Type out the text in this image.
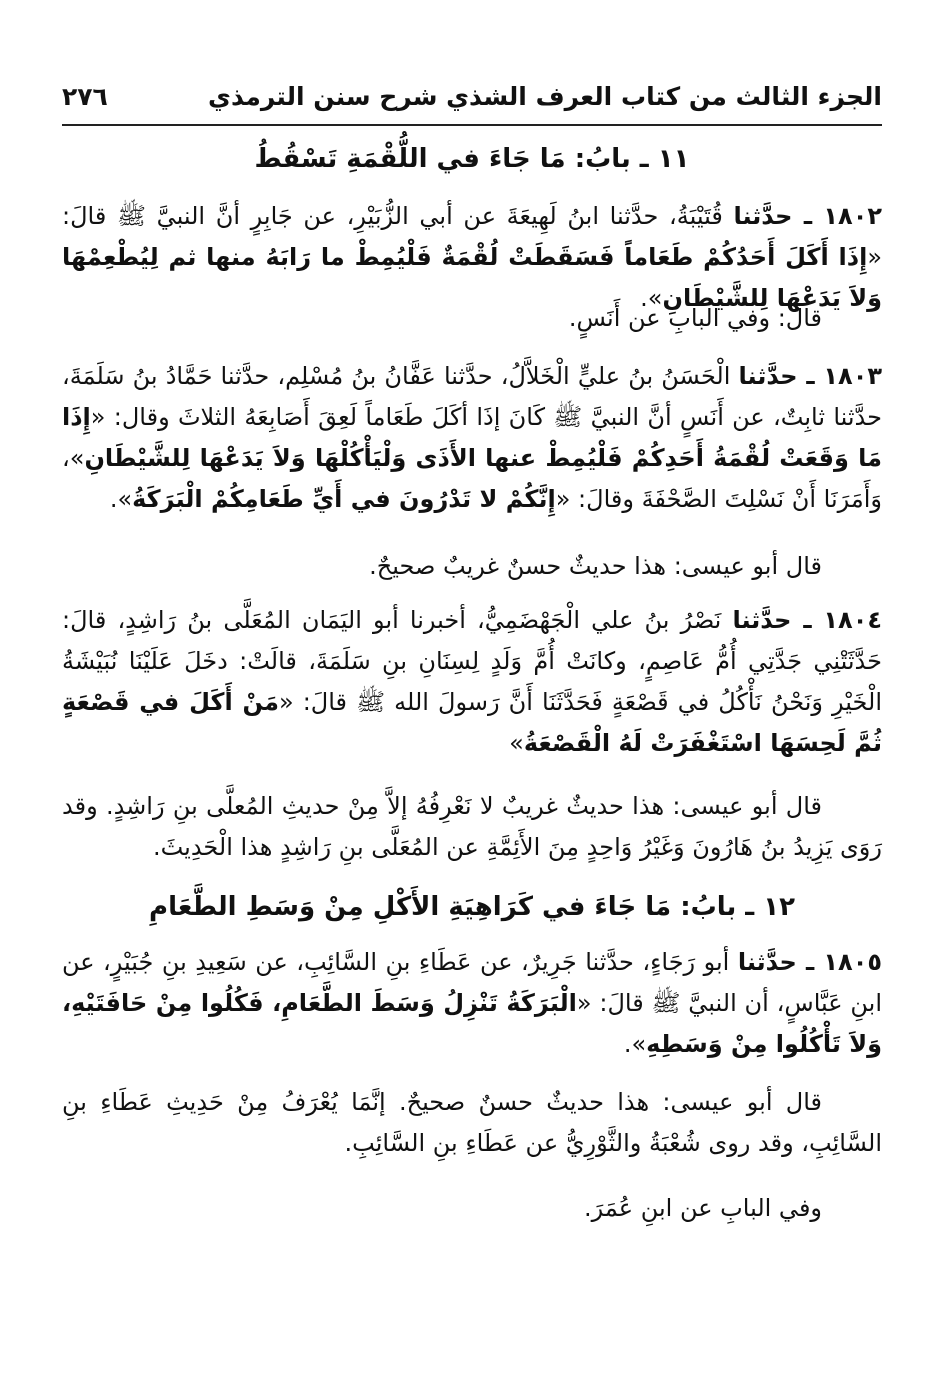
الجزء الثالث من كتاب العرف الشذي شرح سنن الترمذي
٢٧٦
١١ ـ بابُ: مَا جَاءَ في اللُّقْمَةِ تَسْقُطُ
١٨٠٢ ـ حدَّثنا قُتَيْبَةُ، حدَّثنا ابنُ لَهِيعَةَ عن أبي الزُّبَيْرِ، عن جَابِرٍ أنَّ النبيَّ ﷺ قالَ: «إِذَا أَكَلَ أَحَدُكُمْ طَعَاماً فَسَقَطَتْ لُقْمَةٌ فَلْيُمِطْ ما رَابَهُ منها ثم لِيُطْعِمْهَا وَلاَ يَدَعْهَا لِلشَّيْطَانِ».
قال: وفي البابِ عن أَنَسٍ.
١٨٠٣ ـ حدَّثنا الْحَسَنُ بنُ عليٍّ الْخَلاَّلُ، حدَّثنا عَفَّانُ بنُ مُسْلِم، حدَّثنا حَمَّادُ بنُ سَلَمَةَ، حدَّثنا ثابِتٌ، عن أَنَسٍ أنَّ النبيَّ ﷺ كَانَ إذَا أكَلَ طَعَاماً لَعِقَ أَصَابِعَهُ الثلاثَ وقال: «إِذَا مَا وَقَعَتْ لُقْمَةُ أَحَدِكُمْ فَلْيُمِطْ عنها الأَذَى وَلْيَأْكُلْهَا وَلاَ يَدَعْهَا لِلشَّيْطَانِ»، وَأَمَرَنَا أَنْ نَسْلِتَ الصَّحْفَةَ وقالَ: «إِنَّكُمْ لا تَدْرُونَ في أَيِّ طَعَامِكُمْ الْبَرَكَةُ».
قال أبو عيسى: هذا حديثٌ حسنٌ غريبٌ صحيحٌ.
١٨٠٤ ـ حدَّثنا نَصْرُ بنُ علي الْجَهْضَمِيُّ، أخبرنا أبو اليَمَان المُعَلَّى بنُ رَاشِدٍ، قالَ: حَدَّثَتْنِي جَدَّتِي أُمُّ عَاصِمٍ، وكانَتْ أُمَّ وَلَدٍ لِسِنَانِ بنِ سَلَمَةَ، قالَتْ: دخَلَ عَلَيْنَا نُبَيْشَةُ الْخَيْرِ وَنَحْنُ نَأْكُلُ في قَصْعَةٍ فَحَدَّثَنَا أَنَّ رَسولَ الله ﷺ قالَ: «مَنْ أَكَلَ في قَصْعَةٍ ثُمَّ لَحِسَهَا اسْتَغْفَرَتْ لَهُ الْقَصْعَةُ»
قال أبو عيسى: هذا حديثٌ غريبٌ لا نَعْرِفُهُ إلاَّ مِنْ حديثِ المُعلَّى بنِ رَاشِدٍ. وقد رَوَى يَزِيدُ بنُ هَارُونَ وَغَيْرُ وَاحِدٍ مِنَ الأَئِمَّةِ عن المُعَلَّى بنِ رَاشِدٍ هذا الْحَدِيثَ.
١٢ ـ بابُ: مَا جَاءَ في كَرَاهِيَةِ الأَكْلِ مِنْ وَسَطِ الطَّعَامِ
١٨٠٥ ـ حدَّثنا أبو رَجَاءٍ، حدَّثنا جَرِيرٌ، عن عَطَاءِ بنِ السَّائِبِ، عن سَعِيدِ بنِ جُبَيْرٍ، عن ابنِ عَبَّاسٍ، أن النبيَّ ﷺ قالَ: «الْبَرَكَةُ تَنْزِلُ وَسَطَ الطَّعَامِ، فَكُلُوا مِنْ حَافَتَيْهِ، وَلاَ تَأْكُلُوا مِنْ وَسَطِهِ».
قال أبو عيسى: هذا حديثٌ حسنٌ صحيحٌ. إنَّمَا يُعْرَفُ مِنْ حَدِيثِ عَطَاءِ بنِ السَّائِبِ، وقد روى شُعْبَةُ والثَّوْرِيُّ عن عَطَاءِ بنِ السَّائِبِ.
وفي البابِ عن ابنِ عُمَرَ.
